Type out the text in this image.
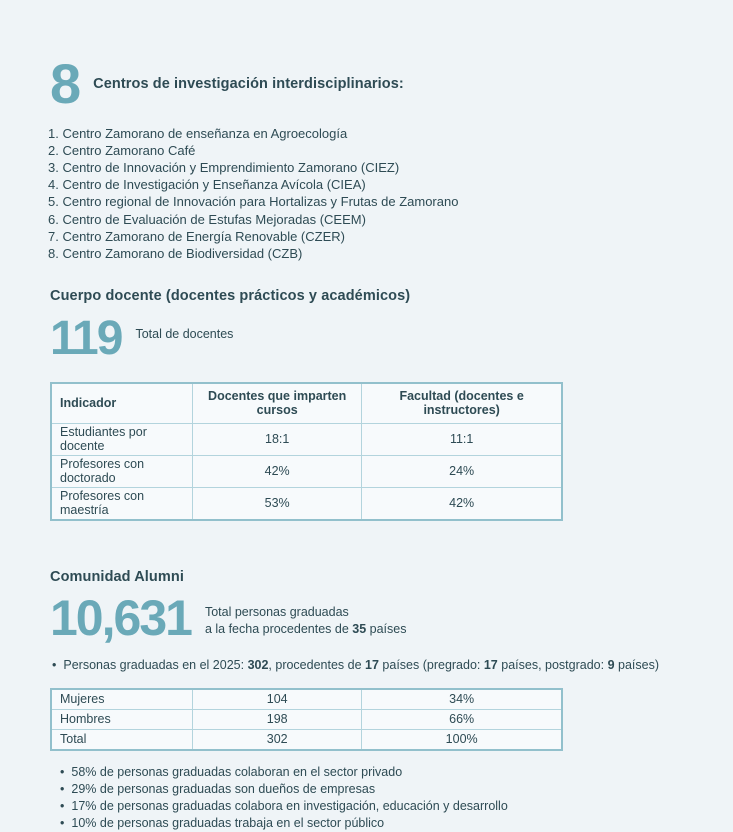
8 Centros de investigación interdisciplinarios:
1. Centro Zamorano de enseñanza en Agroecología
2. Centro Zamorano Café
3. Centro de Innovación y Emprendimiento Zamorano (CIEZ)
4. Centro de Investigación y Enseñanza Avícola (CIEA)
5. Centro regional de Innovación para Hortalizas y Frutas de Zamorano
6. Centro de Evaluación de Estufas Mejoradas (CEEM)
7. Centro Zamorano de Energía Renovable (CZER)
8. Centro Zamorano de Biodiversidad (CZB)
Cuerpo docente (docentes prácticos y académicos)
119 Total de docentes
Indicador	Docentes que imparten cursos	Facultad (docentes e instructores)
Estudiantes por docente	18:1	11:1
Profesores con doctorado	42%	24%
Profesores con maestría	53%	42%
Comunidad Alumni
10,631 Total personas graduadas
a la fecha procedentes de 35 países
• Personas graduadas en el 2025: 302, procedentes de 17 países (pregrado: 17 países, postgrado: 9 países)
Mujeres	104	34%
Hombres	198	66%
Total	302	100%
• 58% de personas graduadas colaboran en el sector privado
• 29% de personas graduadas son dueños de empresas
• 17% de personas graduadas colabora en investigación, educación y desarrollo
• 10% de personas graduadas trabaja en el sector público
